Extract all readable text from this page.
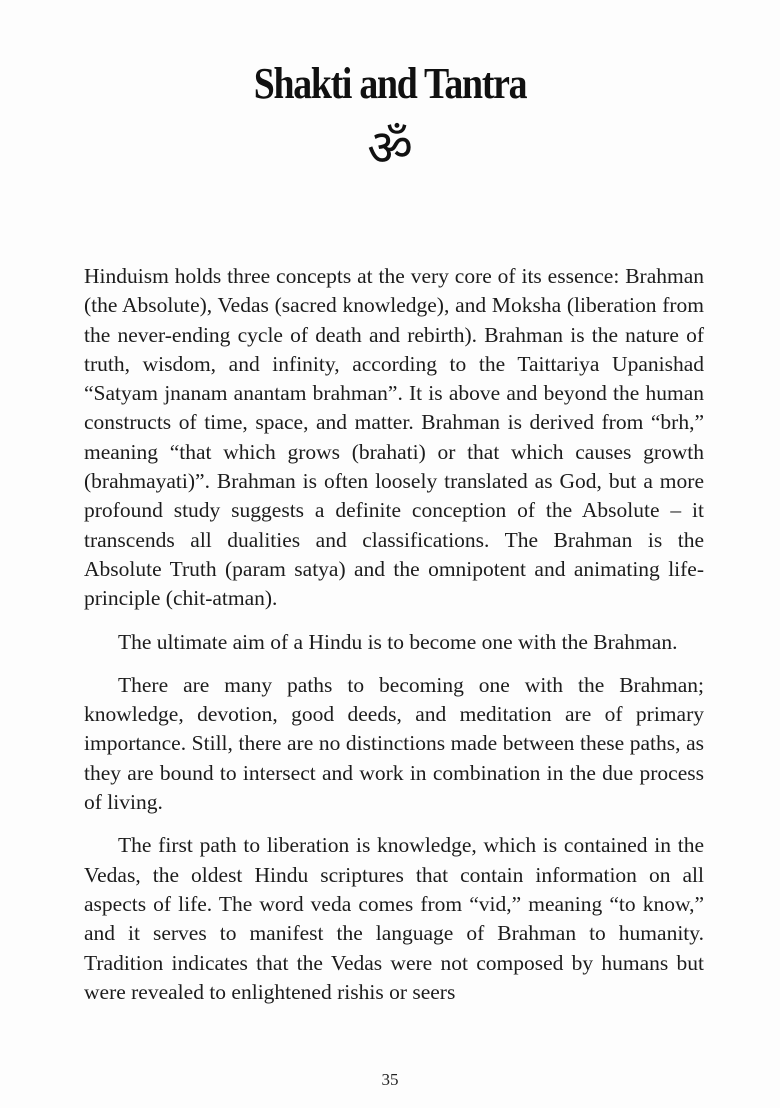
Shakti and Tantra
ॐ

Hinduism holds three concepts at the very core of its essence: Brahman (the Absolute), Vedas (sacred knowledge), and Moksha (liberation from the never-ending cycle of death and rebirth). Brahman is the nature of truth, wisdom, and infinity, according to the Taittariya Upanishad “Satyam jnanam anantam brahman”. It is above and beyond the human constructs of time, space, and matter. Brahman is derived from “brh,” meaning “that which grows (brahati) or that which causes growth (brahmayati)”. Brahman is often loosely translated as God, but a more profound study suggests a definite conception of the Absolute – it transcends all dualities and classifications. The Brahman is the Absolute Truth (param satya) and the omnipotent and animating life-principle (chit-atman).

The ultimate aim of a Hindu is to become one with the Brahman.

There are many paths to becoming one with the Brahman; knowledge, devotion, good deeds, and meditation are of primary importance. Still, there are no distinctions made between these paths, as they are bound to intersect and work in combination in the due process of living.

The first path to liberation is knowledge, which is contained in the Vedas, the oldest Hindu scriptures that contain information on all aspects of life. The word veda comes from “vid,” meaning “to know,” and it serves to manifest the language of Brahman to humanity. Tradition indicates that the Vedas were not composed by humans but were revealed to enlightened rishis or seers

35
